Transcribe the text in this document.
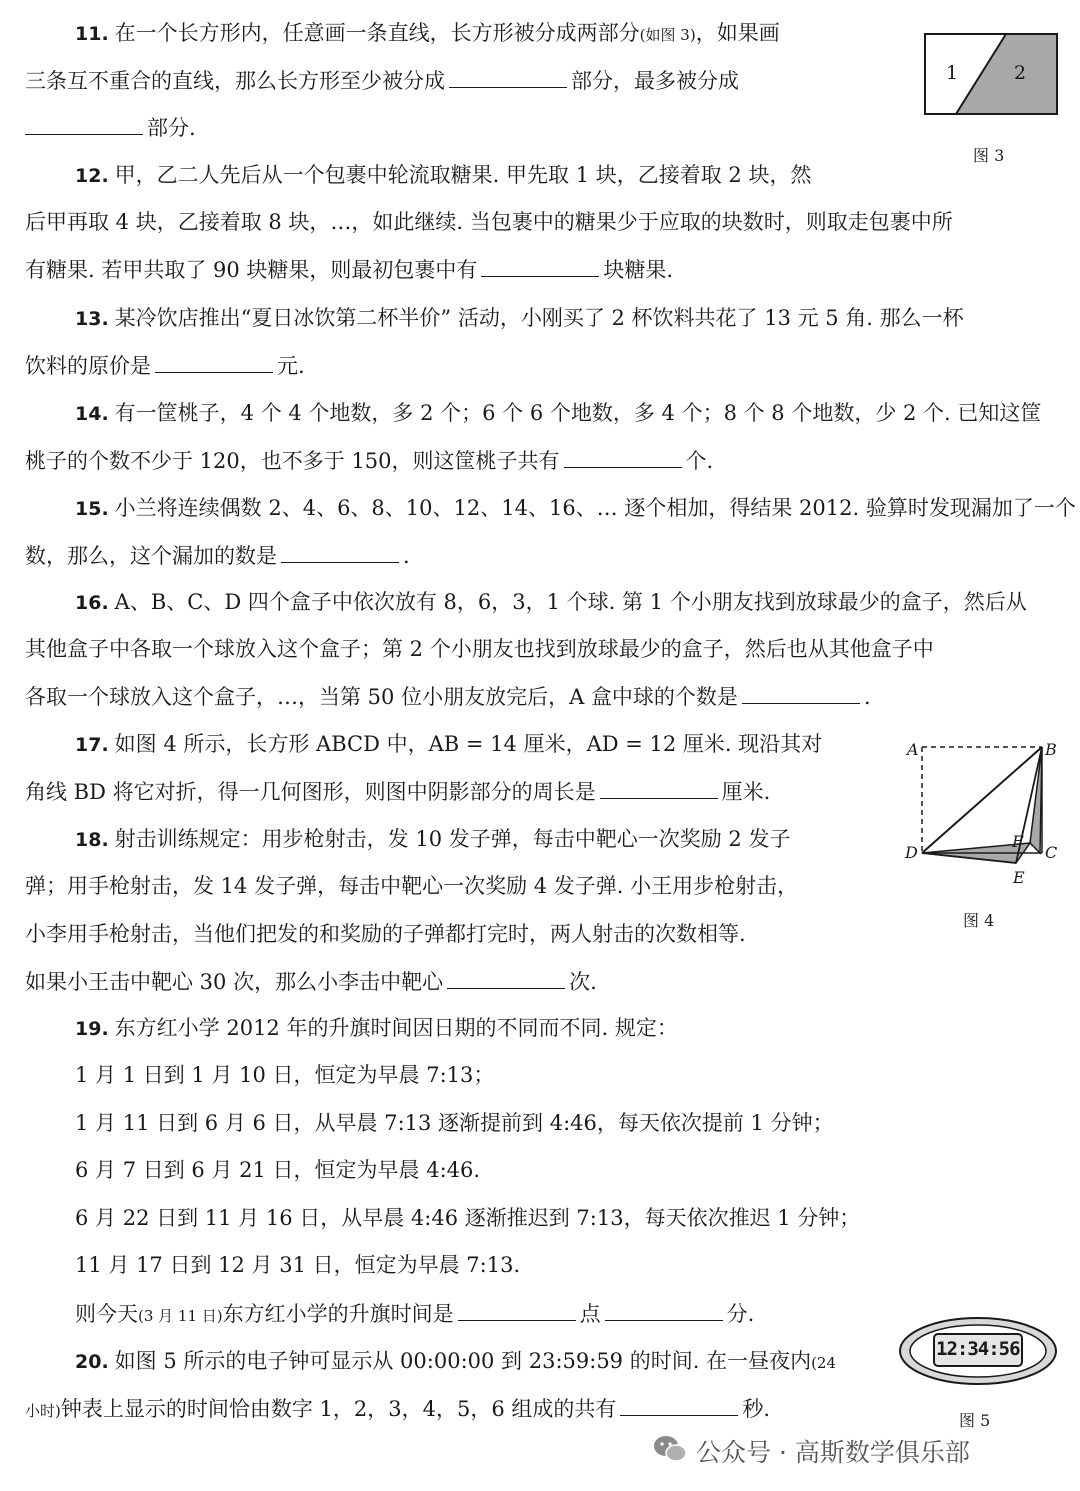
11. 在一个长方形内，任意画一条直线，长方形被分成两部分(如图 3)，如果画
三条互不重合的直线，那么长方形至少被分成	部分，最多被分成
部分.
1	2
图 3
12. 甲，乙二人先后从一个包裹中轮流取糖果. 甲先取 1 块，乙接着取 2 块，然
后甲再取 4 块，乙接着取 8 块，…，如此继续. 当包裹中的糖果少于应取的块数时，则取走包裹中所
有糖果. 若甲共取了 90 块糖果，则最初包裹中有	块糖果.
13. 某冷饮店推出“夏日冰饮第二杯半价” 活动，小刚买了 2 杯饮料共花了 13 元 5 角. 那么一杯
饮料的原价是	元.
14. 有一筐桃子，4 个 4 个地数，多 2 个；6 个 6 个地数，多 4 个；8 个 8 个地数，少 2 个. 已知这筐
桃子的个数不少于 120，也不多于 150，则这筐桃子共有	个.
15. 小兰将连续偶数 2、4、6、8、10、12、14、16、… 逐个相加，得结果 2012. 验算时发现漏加了一个
数，那么，这个漏加的数是	.
16. A、B、C、D 四个盒子中依次放有 8，6，3，1 个球. 第 1 个小朋友找到放球最少的盒子，然后从
其他盒子中各取一个球放入这个盒子；第 2 个小朋友也找到放球最少的盒子，然后也从其他盒子中
各取一个球放入这个盒子，…，当第 50 位小朋友放完后，A 盒中球的个数是	.
17. 如图 4 所示，长方形 ABCD 中，AB = 14 厘米，AD = 12 厘米. 现沿其对
角线 BD 将它对折，得一几何图形，则图中阴影部分的周长是	厘米.
A	B
C
D
E
F
图 4
18. 射击训练规定：用步枪射击，发 10 发子弹，每击中靶心一次奖励 2 发子
弹；用手枪射击，发 14 发子弹，每击中靶心一次奖励 4 发子弹. 小王用步枪射击，
小李用手枪射击，当他们把发的和奖励的子弹都打完时，两人射击的次数相等.
如果小王击中靶心 30 次，那么小李击中靶心	次.
19. 东方红小学 2012 年的升旗时间因日期的不同而不同. 规定：
1 月 1 日到 1 月 10 日，恒定为早晨 7:13；
1 月 11 日到 6 月 6 日，从早晨 7:13 逐渐提前到 4:46，每天依次提前 1 分钟；
6 月 7 日到 6 月 21 日，恒定为早晨 4:46.
6 月 22 日到 11 月 16 日，从早晨 4:46 逐渐推迟到 7:13，每天依次推迟 1 分钟；
11 月 17 日到 12 月 31 日，恒定为早晨 7:13.
则今天(3 月 11 日)东方红小学的升旗时间是	点	分.
20. 如图 5 所示的电子钟可显示从 00:00:00 到 23:59:59 的时间. 在一昼夜内(24
小时)钟表上显示的时间恰由数字 1，2，3，4，5，6 组成的共有	秒.
12:34:56
图 5
公众号 · 高斯数学俱乐部
